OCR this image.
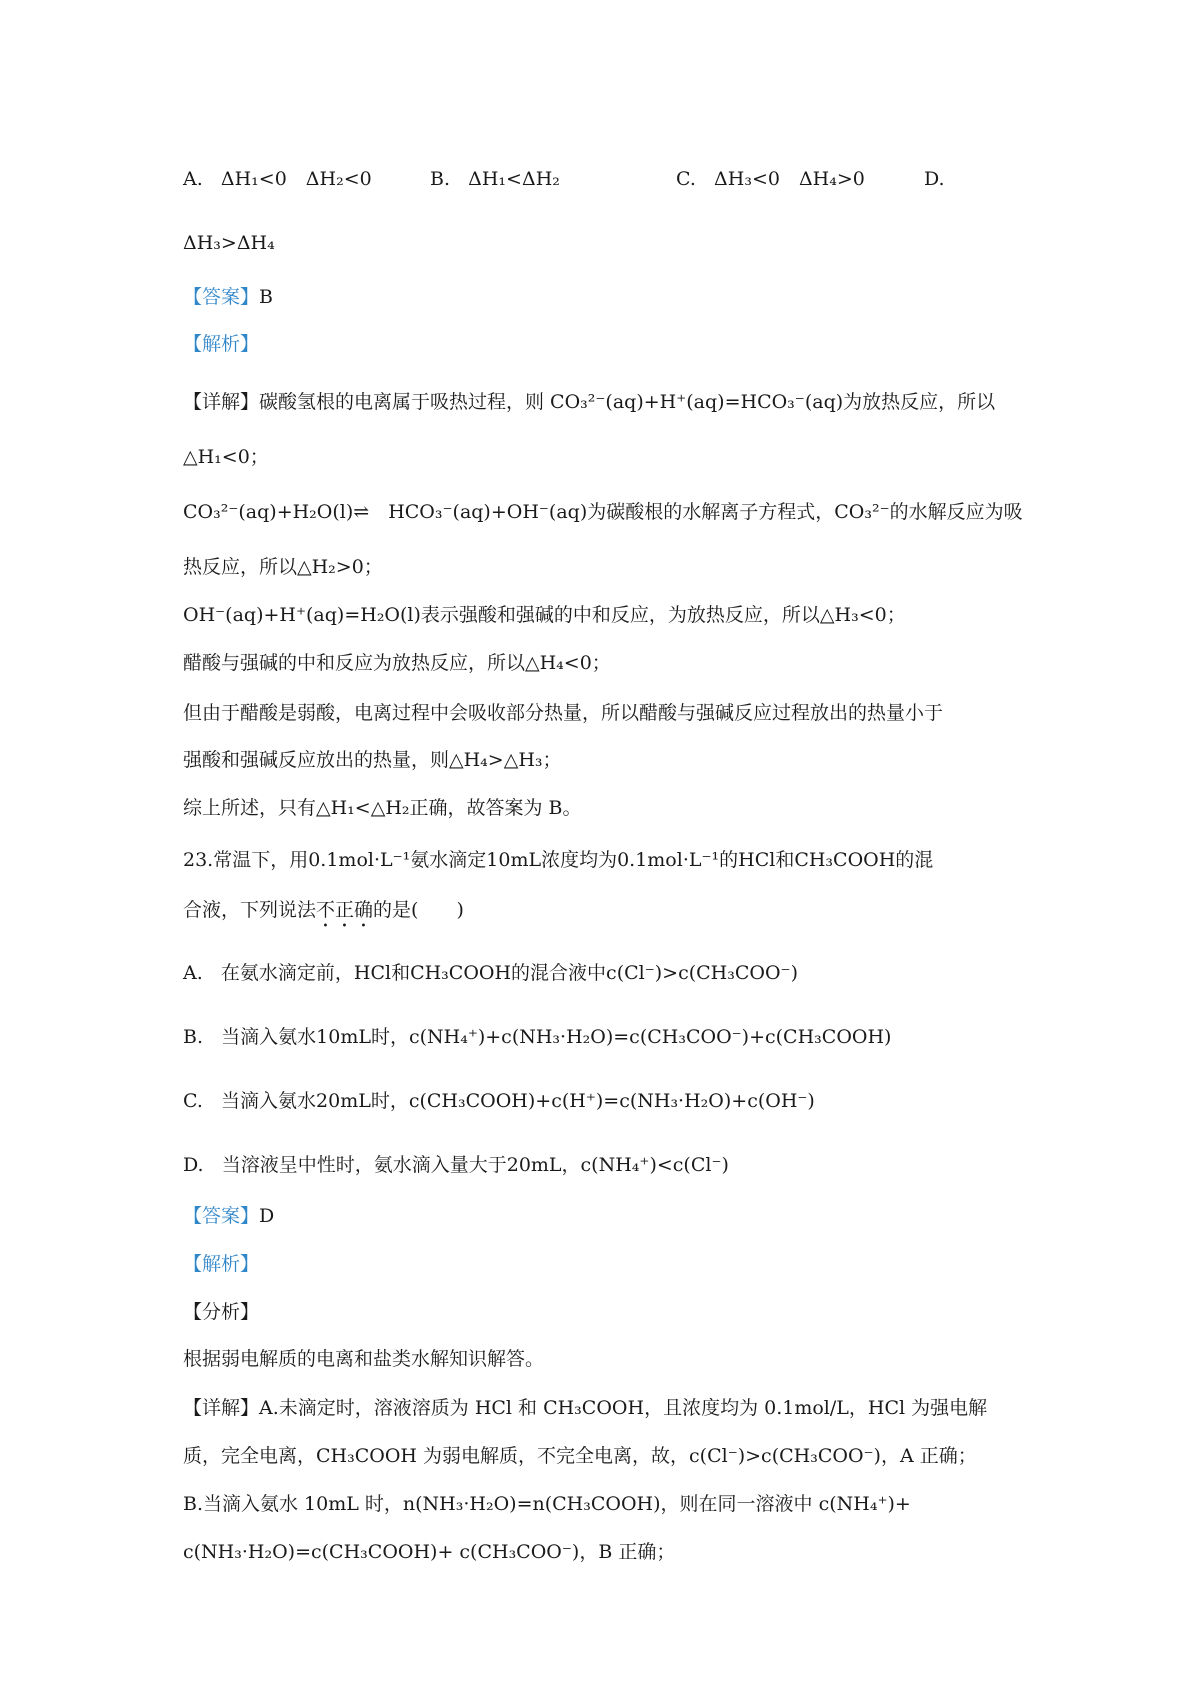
A. ΔH₁<0　ΔH₂<0	B. ΔH₁<ΔH₂	C. ΔH₃<0　ΔH₄>0	D.
ΔH₃>ΔH₄
【答案】B
【解析】
【详解】碳酸氢根的电离属于吸热过程，则 CO₃²⁻(aq)+H⁺(aq)=HCO₃⁻(aq)为放热反应，所以
△H₁<0；
CO₃²⁻(aq)+H₂O(l)⇌　HCO₃⁻(aq)+OH⁻(aq)为碳酸根的水解离子方程式，CO₃²⁻的水解反应为吸
热反应，所以△H₂>0；
OH⁻(aq)+H⁺(aq)=H₂O(l)表示强酸和强碱的中和反应，为放热反应，所以△H₃<0；
醋酸与强碱的中和反应为放热反应，所以△H₄<0；
但由于醋酸是弱酸，电离过程中会吸收部分热量，所以醋酸与强碱反应过程放出的热量小于
强酸和强碱反应放出的热量，则△H₄>△H₃；
综上所述，只有△H₁<△H₂正确，故答案为 B。
23.常温下，用0.1mol·L⁻¹氨水滴定10mL浓度均为0.1mol·L⁻¹的HCl和CH₃COOH的混
合液，下列说法不正确的是(　　)
A. 在氨水滴定前，HCl和CH₃COOH的混合液中c(Cl⁻)>c(CH₃COO⁻)
B. 当滴入氨水10mL时，c(NH₄⁺)+c(NH₃·H₂O)=c(CH₃COO⁻)+c(CH₃COOH)
C. 当滴入氨水20mL时，c(CH₃COOH)+c(H⁺)=c(NH₃·H₂O)+c(OH⁻)
D. 当溶液呈中性时，氨水滴入量大于20mL，c(NH₄⁺)<c(Cl⁻)
【答案】D
【解析】
【分析】
根据弱电解质的电离和盐类水解知识解答。
【详解】A.未滴定时，溶液溶质为 HCl 和 CH₃COOH，且浓度均为 0.1mol/L，HCl 为强电解
质，完全电离，CH₃COOH 为弱电解质，不完全电离，故，c(Cl⁻)>c(CH₃COO⁻)，A 正确；
B.当滴入氨水 10mL 时，n(NH₃·H₂O)=n(CH₃COOH)，则在同一溶液中 c(NH₄⁺)+
c(NH₃·H₂O)=c(CH₃COOH)+ c(CH₃COO⁻)，B 正确；
